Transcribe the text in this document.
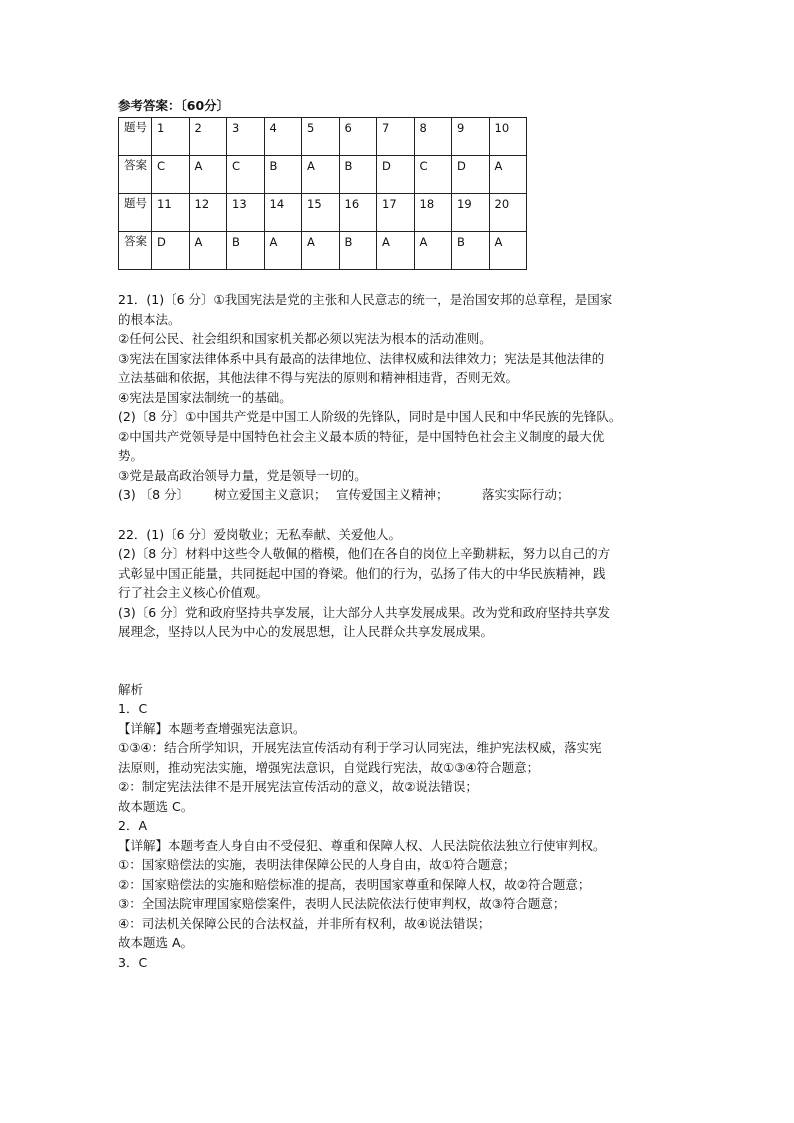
参考答案：〔60分〕
题号	1	2	3	4	5	6	7	8	9	10

答案	C	A	C	B	A	B	D	C	D	A

题号	11	12	13	14	15	16	17	18	19	20

答案	D	A	B	A	A	B	A	A	B	A

21．(1)〔6 分〕①我国宪法是党的主张和人民意志的统一，是治国安邦的总章程，是国家

的根本法。

②任何公民、社会组织和国家机关都必须以宪法为根本的活动准则。

③宪法在国家法律体系中具有最高的法律地位、法律权威和法律效力；宪法是其他法律的

立法基础和依据，其他法律不得与宪法的原则和精神相违背，否则无效。

④宪法是国家法制统一的基础。

(2)〔8 分〕①中国共产党是中国工人阶级的先锋队，同时是中国人民和中华民族的先锋队。

②中国共产党领导是中国特色社会主义最本质的特征，是中国特色社会主义制度的最大优

势。

③党是最高政治领导力量，党是领导一切的。

(3) 〔8 分〕 树立爱国主义意识； 宣传爱国主义精神；	落实实际行动；

22．(1)〔6 分〕爱岗敬业；无私奉献、关爱他人。

(2)〔8 分〕材料中这些令人敬佩的楷模，他们在各自的岗位上辛勤耕耘，努力以自己的方

式彰显中国正能量，共同挺起中国的脊梁。他们的行为，弘扬了伟大的中华民族精神，践

行了社会主义核心价值观。

(3)〔6 分〕党和政府坚持共享发展，让大部分人共享发展成果。改为党和政府坚持共享发

展理念，坚持以人民为中心的发展思想，让人民群众共享发展成果。

解析

1．C

【详解】本题考查增强宪法意识。

①③④：结合所学知识，开展宪法宣传活动有利于学习认同宪法，维护宪法权威，落实宪

法原则，推动宪法实施，增强宪法意识，自觉践行宪法，故①③④符合题意；

②：制定宪法法律不是开展宪法宣传活动的意义，故②说法错误；

故本题选 C。

2．A

【详解】本题考查人身自由不受侵犯、尊重和保障人权、人民法院依法独立行使审判权。

①：国家赔偿法的实施，表明法律保障公民的人身自由，故①符合题意；

②：国家赔偿法的实施和赔偿标准的提高，表明国家尊重和保障人权，故②符合题意；

③：全国法院审理国家赔偿案件，表明人民法院依法行使审判权，故③符合题意；

④：司法机关保障公民的合法权益，并非所有权利，故④说法错误；

故本题选 A。

3．C
